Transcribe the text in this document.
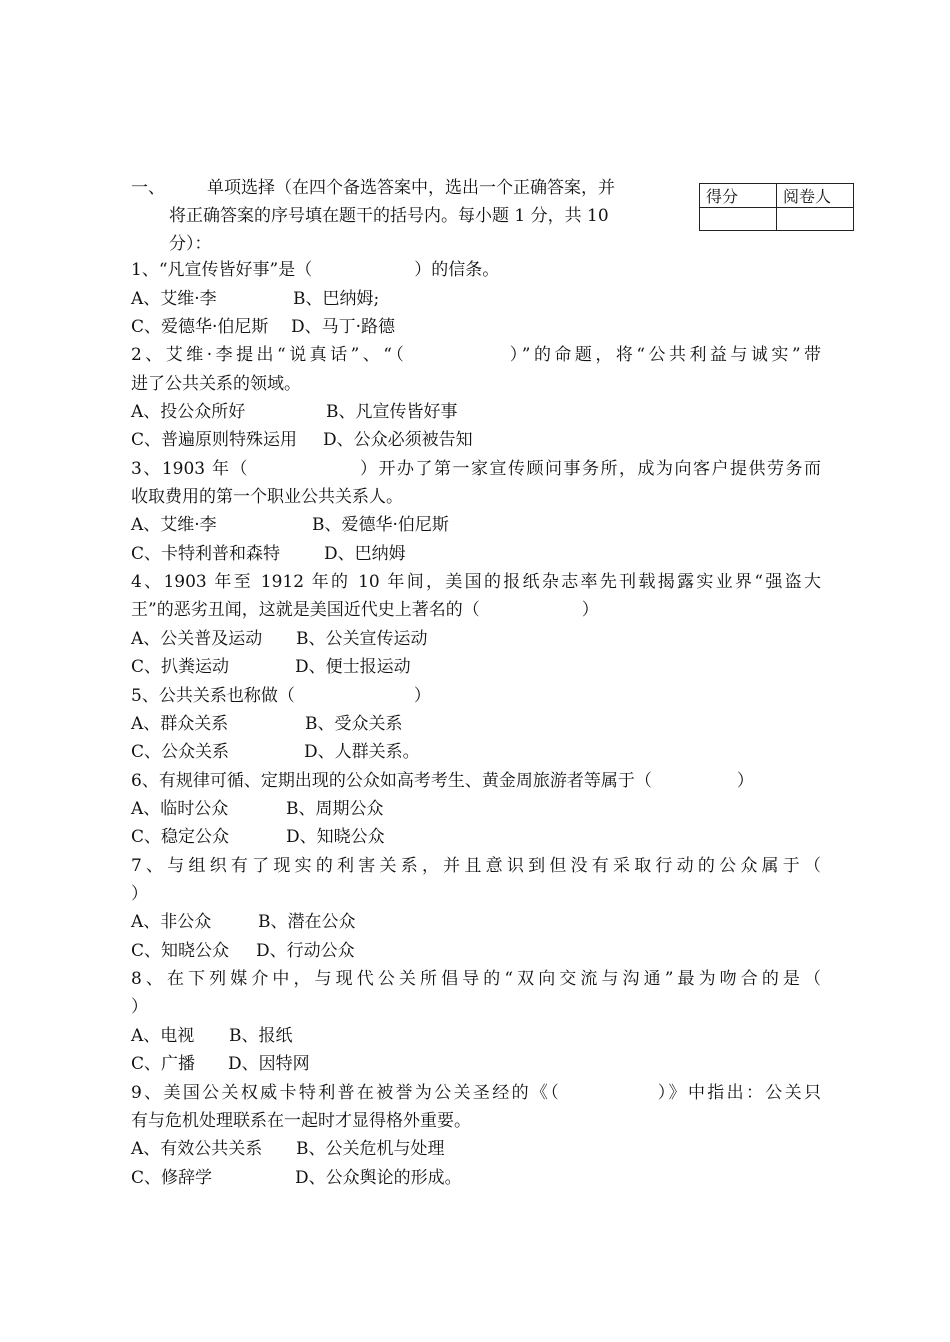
一、 单项选择（在四个备选答案中，选出一个正确答案，并

将正确答案的序号填在题干的括号内。每小题 1 分，共 10
分）：
得分	阅卷人

1、“凡宣传皆好事”是（　　　　　　）的信条。
A、艾维·李	B、巴纳姆;
C、爱德华·伯尼斯 D、马丁·路德
2、艾维·李提出“说真话”、“（　　　　　）”的命题，将“公共利益与诚实”带
进了公共关系的领域。
A、投公众所好	B、凡宣传皆好事
C、普遍原则特殊运用 D、公众必须被告知
3、1903 年（　　　　　　）开办了第一家宣传顾问事务所，成为向客户提供劳务而
收取费用的第一个职业公共关系人。
A、艾维·李	B、爱德华·伯尼斯
C、卡特利普和森特	D、巴纳姆
4、1903 年至 1912 年的 10 年间，美国的报纸杂志率先刊载揭露实业界“强盗大
王”的恶劣丑闻，这就是美国近代史上著名的（　　　　　　）
A、公关普及运动 B、公关宣传运动
C、扒粪运动	D、便士报运动
5、公共关系也称做（　　　　　　　）
A、群众关系	B、受众关系
C、公众关系	D、人群关系。
6、有规律可循、定期出现的公众如高考考生、黄金周旅游者等属于（　　　　　）
A、临时公众	B、周期公众
C、稳定公众	D、知晓公众
7、与组织有了现实的利害关系，并且意识到但没有采取行动的公众属于（
）
A、非公众	B、潜在公众
C、知晓公众 D、行动公众
8、在下列媒介中，与现代公关所倡导的“双向交流与沟通”最为吻合的是（
）
A、电视 B、报纸
C、广播 D、因特网
9、美国公关权威卡特利普在被誉为公关圣经的《（　　　　　）》中指出：公关只
有与危机处理联系在一起时才显得格外重要。
A、有效公共关系 B、公关危机与处理
C、修辞学	D、公众舆论的形成。
